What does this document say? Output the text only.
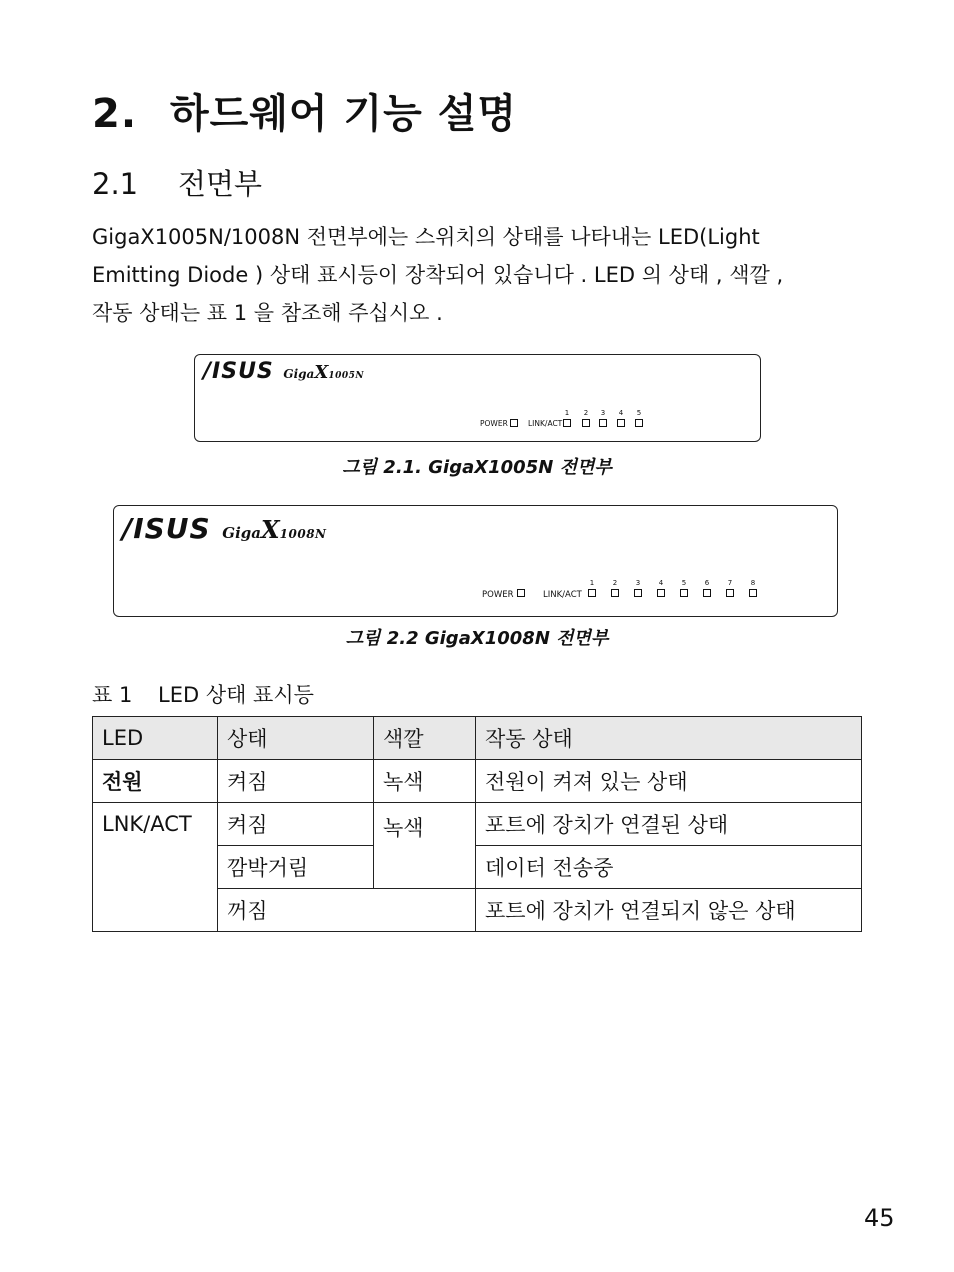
2. 하드웨어 기능 설명
2.1 전면부

GigaX1005N/1008N 전면부에는 스위치의 상태를 나타내는 LED(Light
Emitting Diode ) 상태 표시등이 장착되어 있습니다 . LED 의 상태 , 색깔 ,
작동 상태는 표 1 을 참조해 주십시오 .

/ISUS GigaX1005N
POWER	LINK/ACT
1	2	3	4	5
그림 2.1. GigaX1005N 전면부
/ISUS GigaX1008N
POWER	LINK/ACT
1	2	3	4	5	6	7	8
그림 2.2 GigaX1008N 전면부
표 1 LED 상태 표시등
LED	상태	색깔	작동 상태
전원	켜짐	녹색	전원이 켜져 있는 상태
LNK/ACT	켜짐	녹색	포트에 장치가 연결된 상태
	깜박거림		데이터 전송중
	꺼짐		포트에 장치가 연결되지 않은 상태
45
